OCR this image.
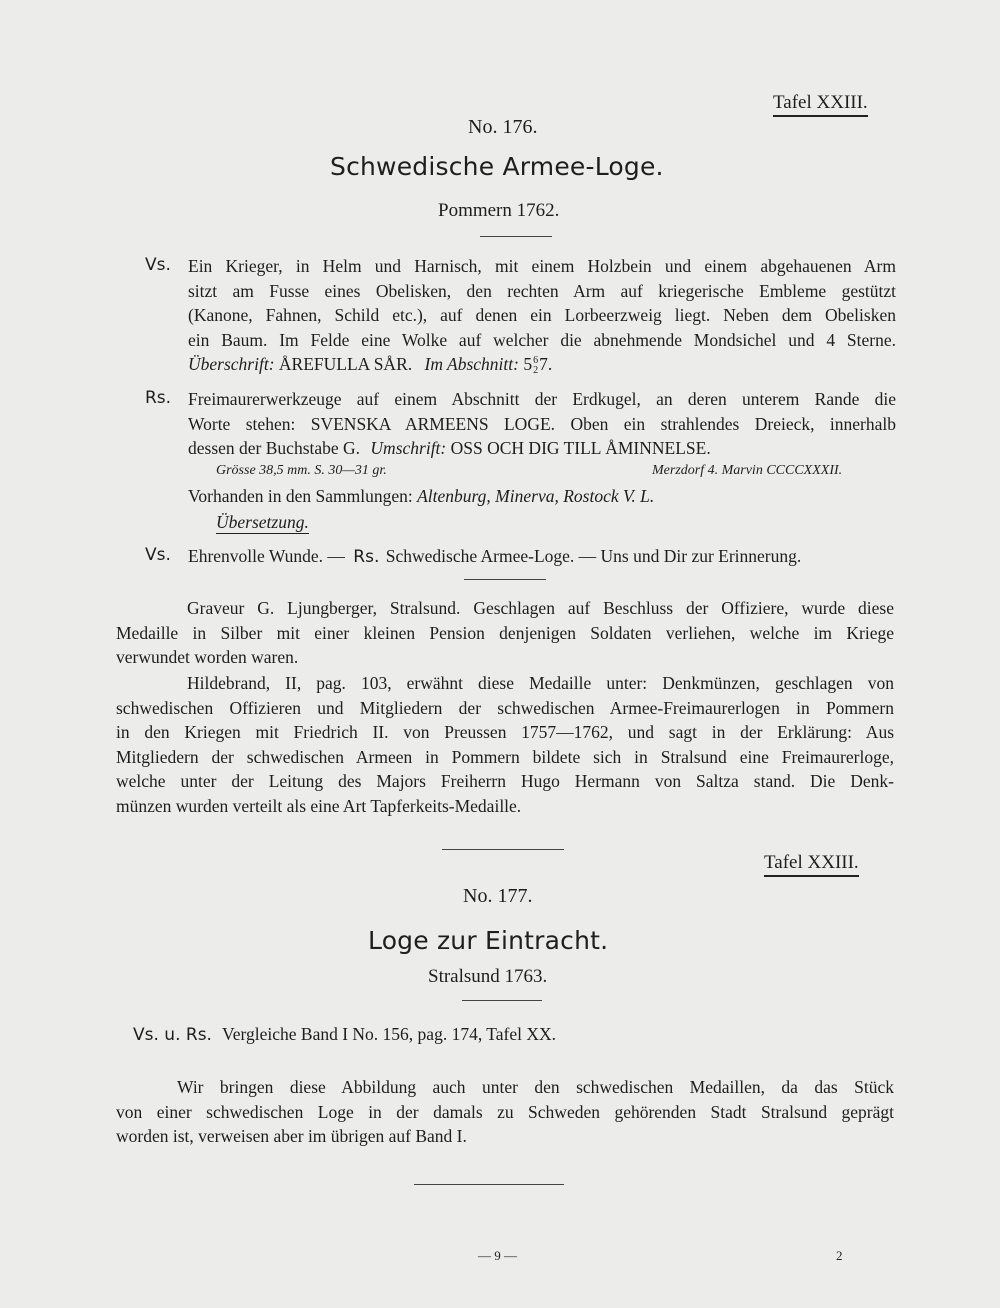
Tafel XXIII.
No. 176.
Schwedische Armee-Loge.
Pommern 1762.
Vs. Ein Krieger, in Helm und Harnisch, mit einem Holzbein und einem abgehauenen Arm
sitzt am Fusse eines Obelisken, den rechten Arm auf kriegerische Embleme gestützt
(Kanone, Fahnen, Schild etc.), auf denen ein Lorbeerzweig liegt. Neben dem Obelisken
ein Baum. Im Felde eine Wolke auf welcher die abnehmende Mondsichel und 4 Sterne.
Überschrift: ÅREFULLA SÅR. Im Abschnitt: 5 6
2 7.
Rs. Freimaurerwerkzeuge auf einem Abschnitt der Erdkugel, an deren unterem Rande die
Worte stehen: SVENSKA ARMEENS LOGE. Oben ein strahlendes Dreieck, innerhalb
dessen der Buchstabe G. Umschrift: OSS OCH DIG TILL ÅMINNELSE.
Grösse 38,5 mm. S. 30—31 gr.	Merzdorf 4. Marvin CCCCXXXII.
Vorhanden in den Sammlungen: Altenburg, Minerva, Rostock V. L.
Übersetzung.
Vs. Ehrenvolle Wunde. — Rs. Schwedische Armee-Loge. — Uns und Dir zur Erinnerung.
Graveur G. Ljungberger, Stralsund. Geschlagen auf Beschluss der Offiziere, wurde diese
Medaille in Silber mit einer kleinen Pension denjenigen Soldaten verliehen, welche im Kriege
verwundet worden waren.
Hildebrand, II, pag. 103, erwähnt diese Medaille unter: Denkmünzen, geschlagen von
schwedischen Offizieren und Mitgliedern der schwedischen Armee-Freimaurerlogen in Pommern
in den Kriegen mit Friedrich II. von Preussen 1757—1762, und sagt in der Erklärung: Aus
Mitgliedern der schwedischen Armeen in Pommern bildete sich in Stralsund eine Freimaurerloge,
welche unter der Leitung des Majors Freiherrn Hugo Hermann von Saltza stand. Die Denk-
münzen wurden verteilt als eine Art Tapferkeits-Medaille.
Tafel XXIII.
No. 177.
Loge zur Eintracht.
Stralsund 1763.
Vs. u. Rs. Vergleiche Band I No. 156, pag. 174, Tafel XX.
Wir bringen diese Abbildung auch unter den schwedischen Medaillen, da das Stück
von einer schwedischen Loge in der damals zu Schweden gehörenden Stadt Stralsund geprägt
worden ist, verweisen aber im übrigen auf Band I.
— 9 —	2
